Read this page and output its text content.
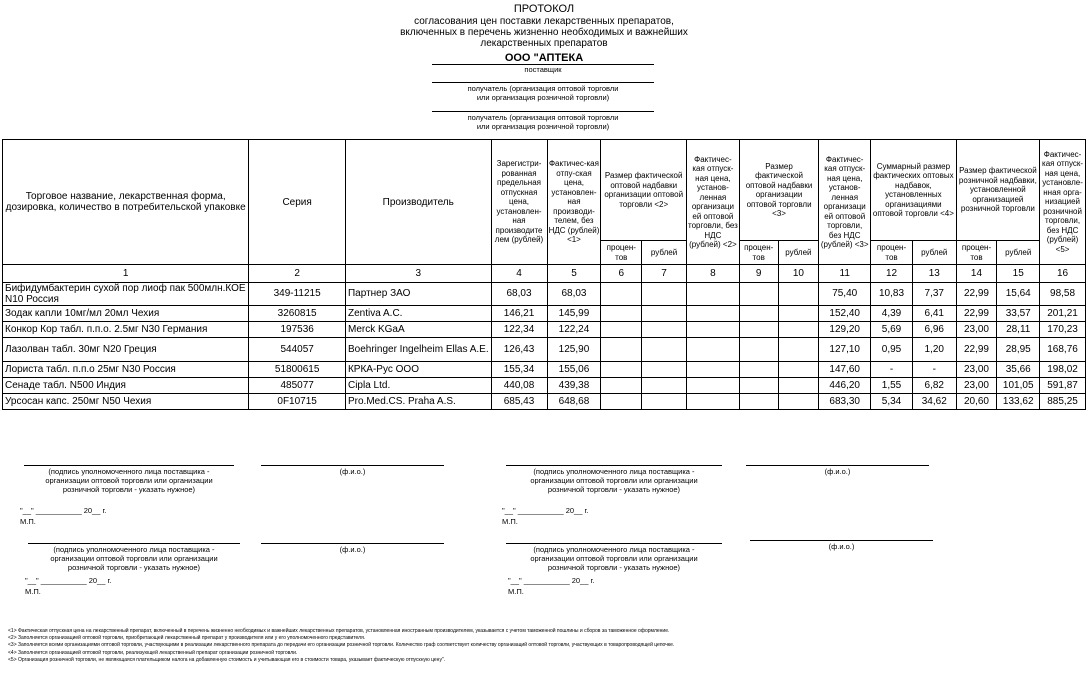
ПРОТОКОЛ
согласования цен поставки лекарственных препаратов,
включенных в перечень жизненно необходимых и важнейших
лекарственных препаратов
ООО "АПТЕКА
поставщик
получатель (организация оптовой торговли
или организация розничной торговли)
получатель (организация оптовой торговли
или организация розничной торговли)
Торговое название, лекарственная форма, дозировка, количество в потребительской упаковке	Серия	Производитель	Зарегистри-рованная предельная отпускная цена, установлен-ная производите лем (рублей)	Фактичес-кая отпу-ская цена, установлен-ная производи-телем, без НДС (рублей) <1>	Размер фактической оптовой надбавки организации оптовой торговли <2>		Фактичес-кая отпуск-ная цена, установ-ленная организаци ей оптовой торговли, без НДС (рублей) <2>	Размер фактической оптовой надбавки организации оптовой торговли <3>		Фактичес-кая отпуск-ная цена, установ-ленная организаци ей оптовой торговли, без НДС (рублей) <3>	Суммарный размер фактических оптовых надбавок, установленных организациями оптовой торговли <4>		Размер фактической розничной надбавки, установленной организацией розничной торговли		Фактичес-кая отпуск-ная цена, установле-нная орга-низацией розничной торговли, без НДС (рублей) <5>
					процен-тов	рублей		процен-тов	рублей		процен-тов	рублей	процен-тов	рублей	
1	2	3	4	5	6	7	8	9	10	11	12	13	14	15	16
Бифидумбактерин сухой пор лиоф пак 500млн.КОЕ N10 Россия	349-11215	Партнер ЗАО	68,03	68,03						75,40	10,83	7,37	22,99	15,64	98,58
Зодак капли 10мг/мл 20мл Чехия	3260815	Zentiva A.C.	146,21	145,99						152,40	4,39	6,41	22,99	33,57	201,21
Конкор Кор табл. п.п.о. 2.5мг N30 Германия	197536	Merck KGaA	122,34	122,24						129,20	5,69	6,96	23,00	28,11	170,23
Лазолван табл. 30мг N20 Греция	544057	Boehringer Ingelheim Ellas A.E.	126,43	125,90						127,10	0,95	1,20	22,99	28,95	168,76
Лориста табл. п.п.о 25мг N30 Россия	51800615	КРКА-Рус ООО	155,34	155,06						147,60	-	-	23,00	35,66	198,02
Сенаде табл. N500 Индия	485077	Cipla Ltd.	440,08	439,38						446,20	1,55	6,82	23,00	101,05	591,87
Урсосан капс. 250мг N50 Чехия	0F10715	Pro.Med.CS. Praha A.S.	685,43	648,68						683,30	5,34	34,62	20,60	133,62	885,25
(подпись уполномоченного лица поставщика -
организации оптовой торговли или организации
розничной торговли - указать нужное)
(ф.и.о.)
"__" ___________ 20__ г.
М.П.
(подпись уполномоченного лица поставщика -
организации оптовой торговли или организации
розничной торговли - указать нужное)
(ф.и.о.)
"__" ___________ 20__ г.
М.П.
(подпись уполномоченного лица поставщика -
организации оптовой торговли или организации
розничной торговли - указать нужное)
(ф.и.о.)
"__" ___________ 20__ г.
М.П.
(подпись уполномоченного лица поставщика -
организации оптовой торговли или организации
розничной торговли - указать нужное)
(ф.и.о.)
"__" ___________ 20__ г.
М.П.
<1> Фактическая отпускная цена на лекарственный препарат, включенный в перечень жизненно необходимых и важнейших лекарственных препаратов, установленная иностранным производителем, указывается с учетом таможенной пошлины и сборов за таможенное оформление.
<2> Заполняется организацией оптовой торговли, приобретающей лекарственный препарат у производителя или у его уполномоченного представителя.
<3> Заполняется всеми организациями оптовой торговли, участвующими в реализации лекарственного препарата до передачи его организации розничной торговли. Количество граф соответствует количеству организаций оптовой торговли, участвующих в товаропроводящей цепочке.
<4> Заполняется организацией оптовой торговли, реализующей лекарственный препарат организации розничной торговли.
<5> Организация розничной торговли, не являющаяся плательщиком налога на добавленную стоимость и учитывающая его в стоимости товара, указывает фактическую отпускную цену".
